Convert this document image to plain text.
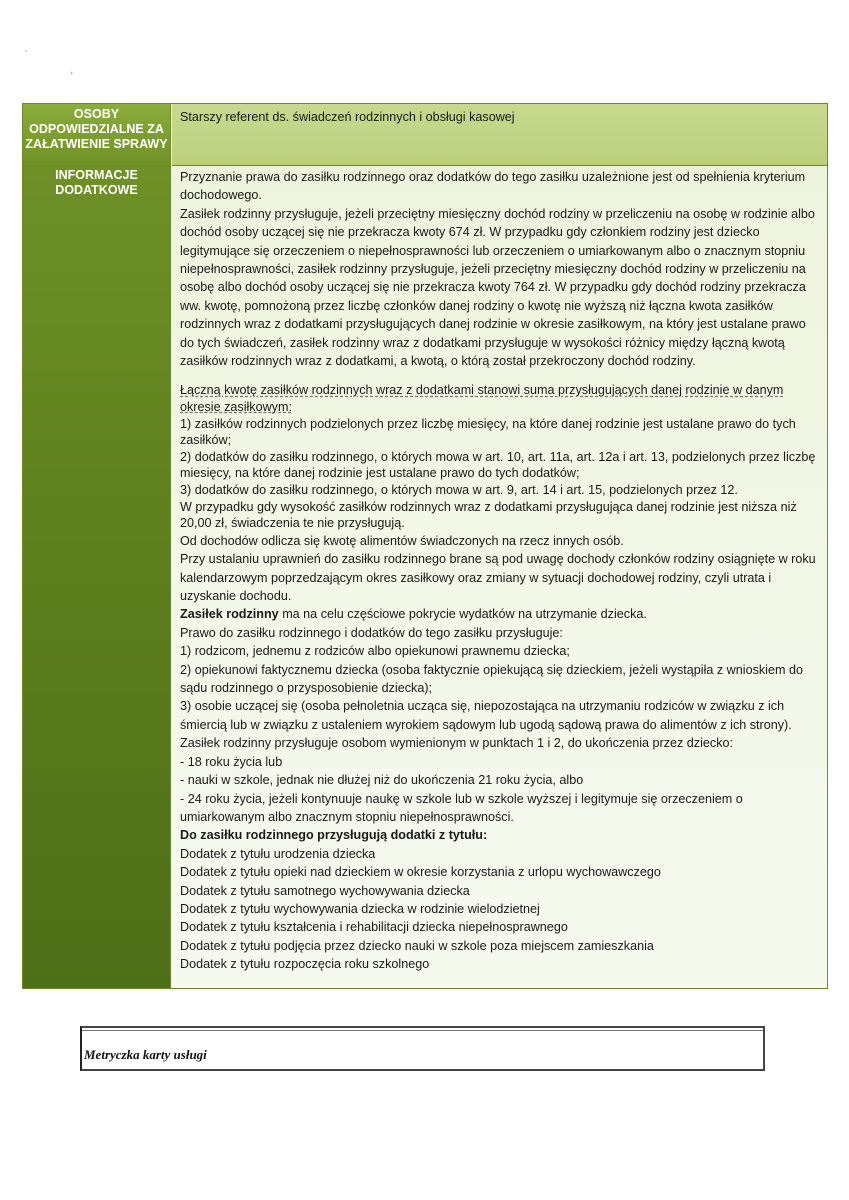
ˋ
,
OSOBY ODPOWIEDZIALNE ZA ZAŁATWIENIE SPRAWY

Starszy referent ds. świadczeń rodzinnych i obsługi kasowej

INFORMACJE DODATKOWE

Przyznanie prawa do zasiłku rodzinnego oraz dodatków do tego zasiłku uzależnione jest od spełnienia kryterium dochodowego.

Zasiłek rodzinny przysługuje, jeżeli przeciętny miesięczny dochód rodziny w przeliczeniu na osobę w rodzinie albo dochód osoby uczącej się nie przekracza kwoty 674 zł. W przypadku gdy członkiem rodziny jest dziecko legitymujące się orzeczeniem o niepełnosprawności lub orzeczeniem o umiarkowanym albo o znacznym stopniu niepełnosprawności, zasiłek rodzinny przysługuje, jeżeli przeciętny miesięczny dochód rodziny w przeliczeniu na osobę albo dochód osoby uczącej się nie przekracza kwoty 764 zł. W przypadku gdy dochód rodziny przekracza ww. kwotę, pomnożoną przez liczbę członków danej rodziny o kwotę nie wyższą niż łączna kwota zasiłków rodzinnych wraz z dodatkami przysługujących danej rodzinie w okresie zasiłkowym, na który jest ustalane prawo do tych świadczeń, zasiłek rodzinny wraz z dodatkami przysługuje w wysokości różnicy między łączną kwotą zasiłków rodzinnych wraz z dodatkami, a kwotą, o którą został przekroczony dochód rodziny.

Łączną kwotę zasiłków rodzinnych wraz z dodatkami stanowi suma przysługujących danej rodzinie w danym okresie zasiłkowym:

1) zasiłków rodzinnych podzielonych przez liczbę miesięcy, na które danej rodzinie jest ustalane prawo do tych zasiłków;

2) dodatków do zasiłku rodzinnego, o których mowa w art. 10, art. 11a, art. 12a i art. 13, podzielonych przez liczbę miesięcy, na które danej rodzinie jest ustalane prawo do tych dodatków;

3) dodatków do zasiłku rodzinnego, o których mowa w art. 9, art. 14 i art. 15, podzielonych przez 12.

W przypadku gdy wysokość zasiłków rodzinnych wraz z dodatkami przysługująca danej rodzinie jest niższa niż 20,00 zł, świadczenia te nie przysługują.

Od dochodów odlicza się kwotę alimentów świadczonych na rzecz innych osób.

Przy ustalaniu uprawnień do zasiłku rodzinnego brane są pod uwagę dochody członków rodziny osiągnięte w roku kalendarzowym poprzedzającym okres zasiłkowy oraz zmiany w sytuacji dochodowej rodziny, czyli utrata i uzyskanie dochodu.

Zasiłek rodzinny ma na celu częściowe pokrycie wydatków na utrzymanie dziecka.

Prawo do zasiłku rodzinnego i dodatków do tego zasiłku przysługuje:

1) rodzicom, jednemu z rodziców albo opiekunowi prawnemu dziecka;

2) opiekunowi faktycznemu dziecka (osoba faktycznie opiekującą się dzieckiem, jeżeli wystąpiła z wnioskiem do sądu rodzinnego o przysposobienie dziecka);

3) osobie uczącej się (osoba pełnoletnia ucząca się, niepozostająca na utrzymaniu rodziców w związku z ich śmiercią lub w związku z ustaleniem wyrokiem sądowym lub ugodą sądową prawa do alimentów z ich strony).

Zasiłek rodzinny przysługuje osobom wymienionym w punktach 1 i 2, do ukończenia przez dziecko:

- 18 roku życia lub

- nauki w szkole, jednak nie dłużej niż do ukończenia 21 roku życia, albo

- 24 roku życia, jeżeli kontynuuje naukę w szkole lub w szkole wyższej i legitymuje się orzeczeniem o umiarkowanym albo znacznym stopniu niepełnosprawności.

Do zasiłku rodzinnego przysługują dodatki z tytułu:

Dodatek z tytułu urodzenia dziecka

Dodatek z tytułu opieki nad dzieckiem w okresie korzystania z urlopu wychowawczego

Dodatek z tytułu samotnego wychowywania dziecka

Dodatek z tytułu wychowywania dziecka w rodzinie wielodzietnej

Dodatek z tytułu kształcenia i rehabilitacji dziecka niepełnosprawnego

Dodatek z tytułu podjęcia przez dziecko nauki w szkole poza miejscem zamieszkania

Dodatek z tytułu rozpoczęcia roku szkolnego

Metryczka karty usługi
